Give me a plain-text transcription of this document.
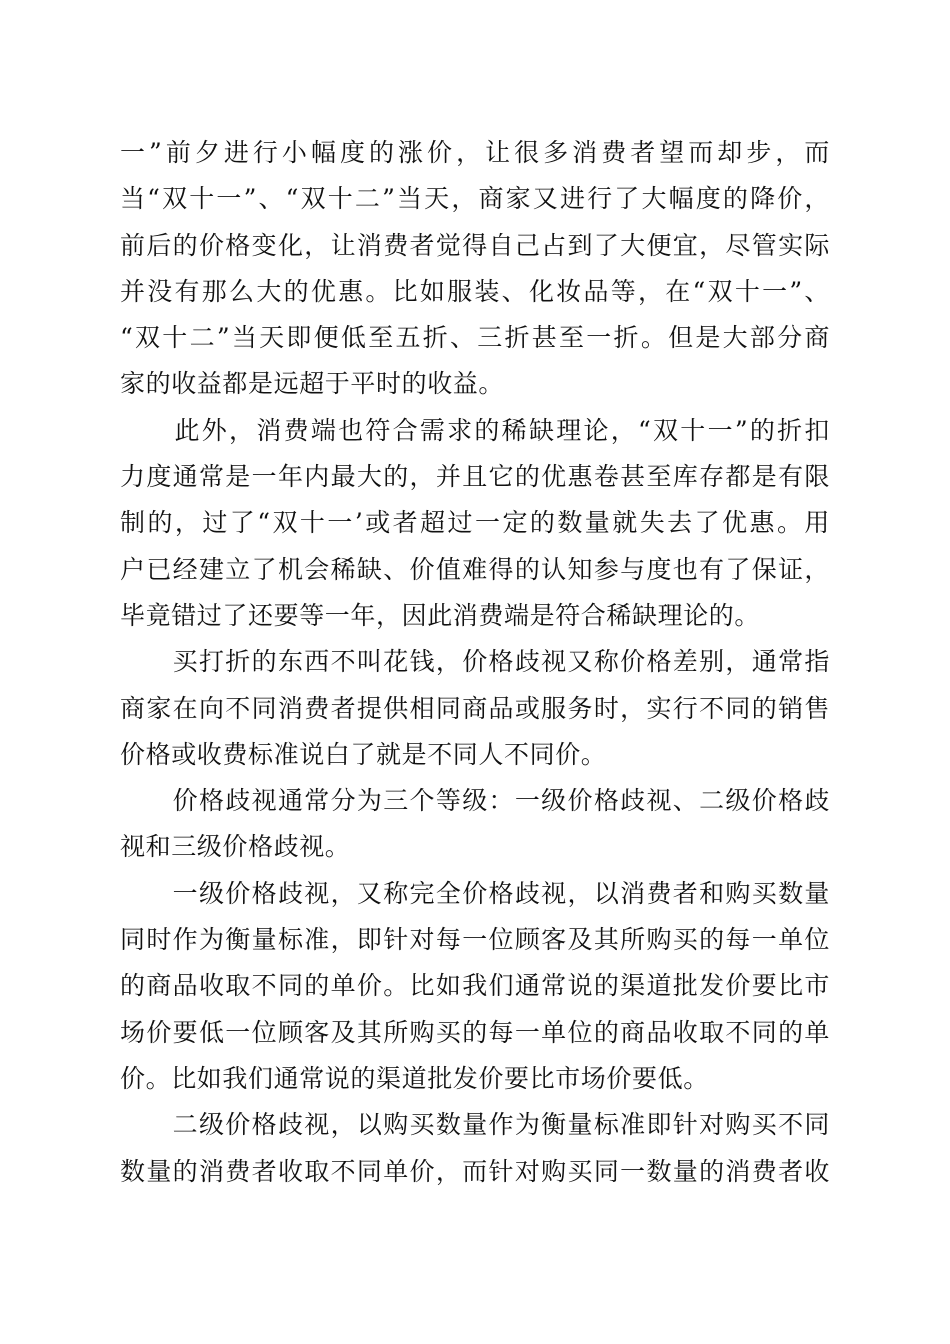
一”前夕进行小幅度的涨价，让很多消费者望而却步，而
当“双十一”、“双十二”当天，商家又进行了大幅度的降价，
前后的价格变化，让消费者觉得自己占到了大便宜，尽管实际
并没有那么大的优惠。比如服装、化妆品等，在“双十一”、
“双十二”当天即便低至五折、三折甚至一折。但是大部分商
家的收益都是远超于平时的收益。
　　此外，消费端也符合需求的稀缺理论，“双十一”的折扣
力度通常是一年内最大的，并且它的优惠卷甚至库存都是有限
制的，过了“双十一’或者超过一定的数量就失去了优惠。用
户已经建立了机会稀缺、价值难得的认知参与度也有了保证，
毕竟错过了还要等一年，因此消费端是符合稀缺理论的。
　　买打折的东西不叫花钱，价格歧视又称价格差别，通常指
商家在向不同消费者提供相同商品或服务时，实行不同的销售
价格或收费标准说白了就是不同人不同价。
　　价格歧视通常分为三个等级：一级价格歧视、二级价格歧
视和三级价格歧视。
　　一级价格歧视，又称完全价格歧视，以消费者和购买数量
同时作为衡量标准，即针对每一位顾客及其所购买的每一单位
的商品收取不同的单价。比如我们通常说的渠道批发价要比市
场价要低一位顾客及其所购买的每一单位的商品收取不同的单
价。比如我们通常说的渠道批发价要比市场价要低。
　　二级价格歧视，以购买数量作为衡量标准即针对购买不同
数量的消费者收取不同单价，而针对购买同一数量的消费者收
